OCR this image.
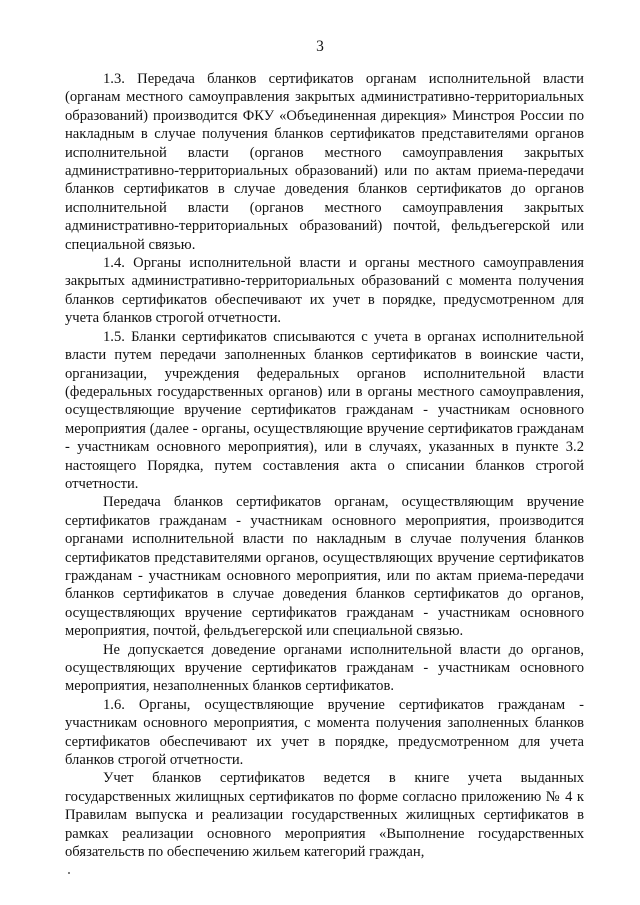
3

1.3. Передача бланков сертификатов органам исполнительной власти (органам местного самоуправления закрытых административно-территориальных образований) производится ФКУ «Объединенная дирекция» Минстроя России по накладным в случае получения бланков сертификатов представителями органов исполнительной власти (органов местного самоуправления закрытых административно-территориальных образований) или по актам приема-передачи бланков сертификатов в случае доведения бланков сертификатов до органов исполнительной власти (органов местного самоуправления закрытых административно-территориальных образований) почтой, фельдъегерской или специальной связью.

1.4. Органы исполнительной власти и органы местного самоуправления закрытых административно-территориальных образований с момента получения бланков сертификатов обеспечивают их учет в порядке, предусмотренном для учета бланков строгой отчетности.

1.5. Бланки сертификатов списываются с учета в органах исполнительной власти путем передачи заполненных бланков сертификатов в воинские части, организации, учреждения федеральных органов исполнительной власти (федеральных государственных органов) или в органы местного самоуправления, осуществляющие вручение сертификатов гражданам - участникам основного мероприятия (далее - органы, осуществляющие вручение сертификатов гражданам - участникам основного мероприятия), или в случаях, указанных в пункте 3.2 настоящего Порядка, путем составления акта о списании бланков строгой отчетности.

Передача бланков сертификатов органам, осуществляющим вручение сертификатов гражданам - участникам основного мероприятия, производится органами исполнительной власти по накладным в случае получения бланков сертификатов представителями органов, осуществляющих вручение сертификатов гражданам - участникам основного мероприятия, или по актам приема-передачи бланков сертификатов в случае доведения бланков сертификатов до органов, осуществляющих вручение сертификатов гражданам - участникам основного мероприятия, почтой, фельдъегерской или специальной связью.

Не допускается доведение органами исполнительной власти до органов, осуществляющих вручение сертификатов гражданам - участникам основного мероприятия, незаполненных бланков сертификатов.

1.6. Органы, осуществляющие вручение сертификатов гражданам - участникам основного мероприятия, с момента получения заполненных бланков сертификатов обеспечивают их учет в порядке, предусмотренном для учета бланков строгой отчетности.

Учет бланков сертификатов ведется в книге учета выданных государственных жилищных сертификатов по форме согласно приложению № 4 к Правилам выпуска и реализации государственных жилищных сертификатов в рамках реализации основного мероприятия «Выполнение государственных обязательств по обеспечению жильем категорий граждан,
